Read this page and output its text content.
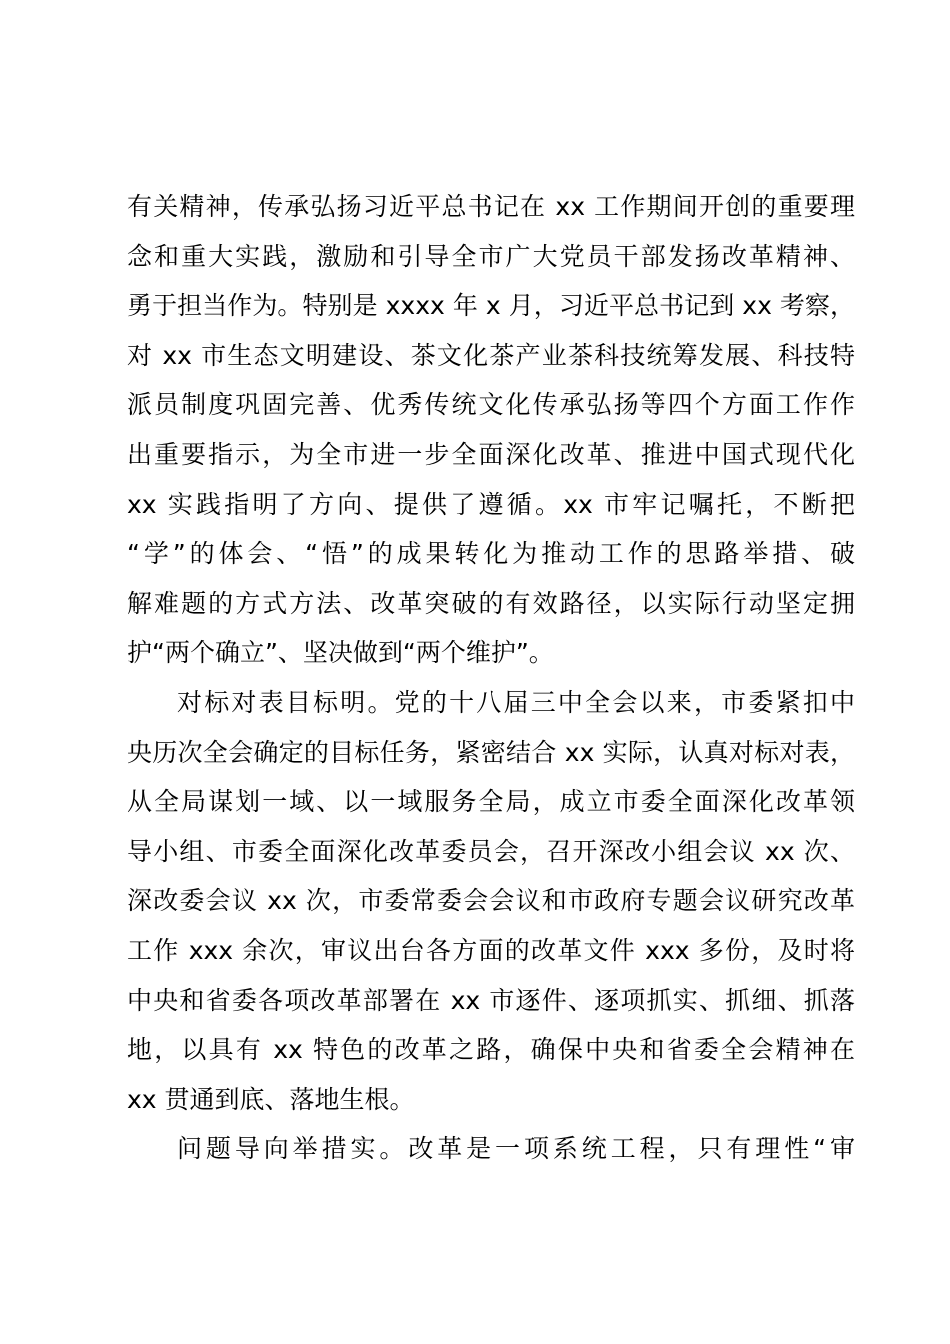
有关精神，传承弘扬习近平总书记在 xx 工作期间开创的重要理
念和重大实践，激励和引导全市广大党员干部发扬改革精神、
勇于担当作为。特别是 xxxx 年 x 月，习近平总书记到 xx 考察，
对 xx 市生态文明建设、茶文化茶产业茶科技统筹发展、科技特
派员制度巩固完善、优秀传统文化传承弘扬等四个方面工作作
出重要指示，为全市进一步全面深化改革、推进中国式现代化
xx 实践指明了方向、提供了遵循。xx 市牢记嘱托，不断把
“学”的体会、“悟”的成果转化为推动工作的思路举措、破
解难题的方式方法、改革突破的有效路径，以实际行动坚定拥
护“两个确立”、坚决做到“两个维护”。
对标对表目标明。党的十八届三中全会以来，市委紧扣中
央历次全会确定的目标任务，紧密结合 xx 实际，认真对标对表，
从全局谋划一域、以一域服务全局，成立市委全面深化改革领
导小组、市委全面深化改革委员会，召开深改小组会议 xx 次、
深改委会议 xx 次，市委常委会会议和市政府专题会议研究改革
工作 xxx 余次，审议出台各方面的改革文件 xxx 多份，及时将
中央和省委各项改革部署在 xx 市逐件、逐项抓实、抓细、抓落
地，以具有 xx 特色的改革之路，确保中央和省委全会精神在
xx 贯通到底、落地生根。
问题导向举措实。改革是一项系统工程，只有理性“审
